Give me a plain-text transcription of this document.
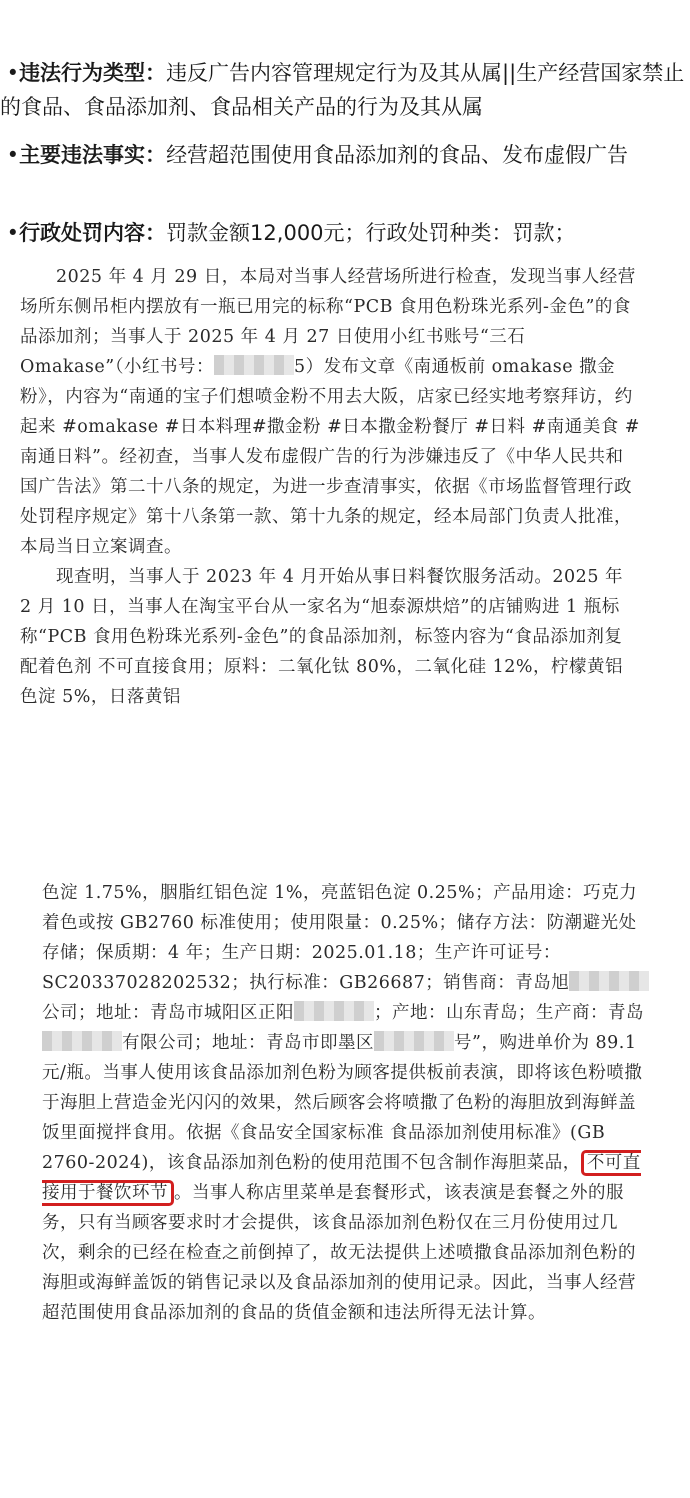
•违法行为类型：违反广告内容管理规定行为及其从属||生产经营国家禁止的食品、食品添加剂、食品相关产品的行为及其从属
•主要违法事实：经营超范围使用食品添加剂的食品、发布虚假广告
•行政处罚内容：罚款金额12,000元；行政处罚种类：罚款；
  2025 年 4 月 29 日，本局对当事人经营场所进行检查，发现当事人经营场所东侧吊柜内摆放有一瓶已用完的标称“PCB 食用色粉珠光系列-金色”的食品添加剂；当事人于 2025 年 4 月 27 日使用小红书账号“三石 Omakase”（小红书号：	5）发布文章《南通板前 omakase 撒金粉》，内容为“南通的宝子们想喷金粉不用去大阪，店家已经实地考察拜访，约起来 #omakase #日本料理#撒金粉 #日本撒金粉餐厅 #日料 #南通美食 #南通日料”。经初查，当事人发布虚假广告的行为涉嫌违反了《中华人民共和国广告法》第二十八条的规定，为进一步查清事实，依据《市场监督管理行政处罚程序规定》第十八条第一款、第十九条的规定，经本局部门负责人批准，本局当日立案调查。
  现查明，当事人于 2023 年 4 月开始从事日料餐饮服务活动。2025 年 2 月 10 日，当事人在淘宝平台从一家名为“旭泰源烘焙”的店铺购进 1 瓶标称“PCB 食用色粉珠光系列-金色”的食品添加剂，标签内容为“食品添加剂复配着色剂 不可直接食用；原料：二氧化钛 80%，二氧化硅 12%，柠檬黄铝色淀 5%，日落黄铝
色淀 1.75%，胭脂红铝色淀 1%，亮蓝铝色淀 0.25%；产品用途：巧克力着色或按 GB2760 标准使用；使用限量：0.25%；储存方法：防潮避光处存储；保质期：4 年；生产日期：2025.01.18；生产许可证号：SC20337028202532；执行标准：GB26687；销售商：青岛旭公司；地址：青岛市城阳区正阳	；产地：山东青岛；生产商：青岛有限公司；地址：青岛市即墨区	号”，购进单价为 89.1 元/瓶。当事人使用该食品添加剂色粉为顾客提供板前表演，即将该色粉喷撒于海胆上营造金光闪闪的效果，然后顾客会将喷撒了色粉的海胆放到海鲜盖饭里面搅拌食用。依据《食品安全国家标准 食品添加剂使用标准》(GB 2760-2024)，该食品添加剂色粉的使用范围不包含制作海胆菜品， 不可直接用于餐饮环节 。当事人称店里菜单是套餐形式，该表演是套餐之外的服务，只有当顾客要求时才会提供，该食品添加剂色粉仅在三月份使用过几次，剩余的已经在检查之前倒掉了，故无法提供上述喷撒食品添加剂色粉的海胆或海鲜盖饭的销售记录以及食品添加剂的使用记录。因此，当事人经营超范围使用食品添加剂的食品的货值金额和违法所得无法计算。
